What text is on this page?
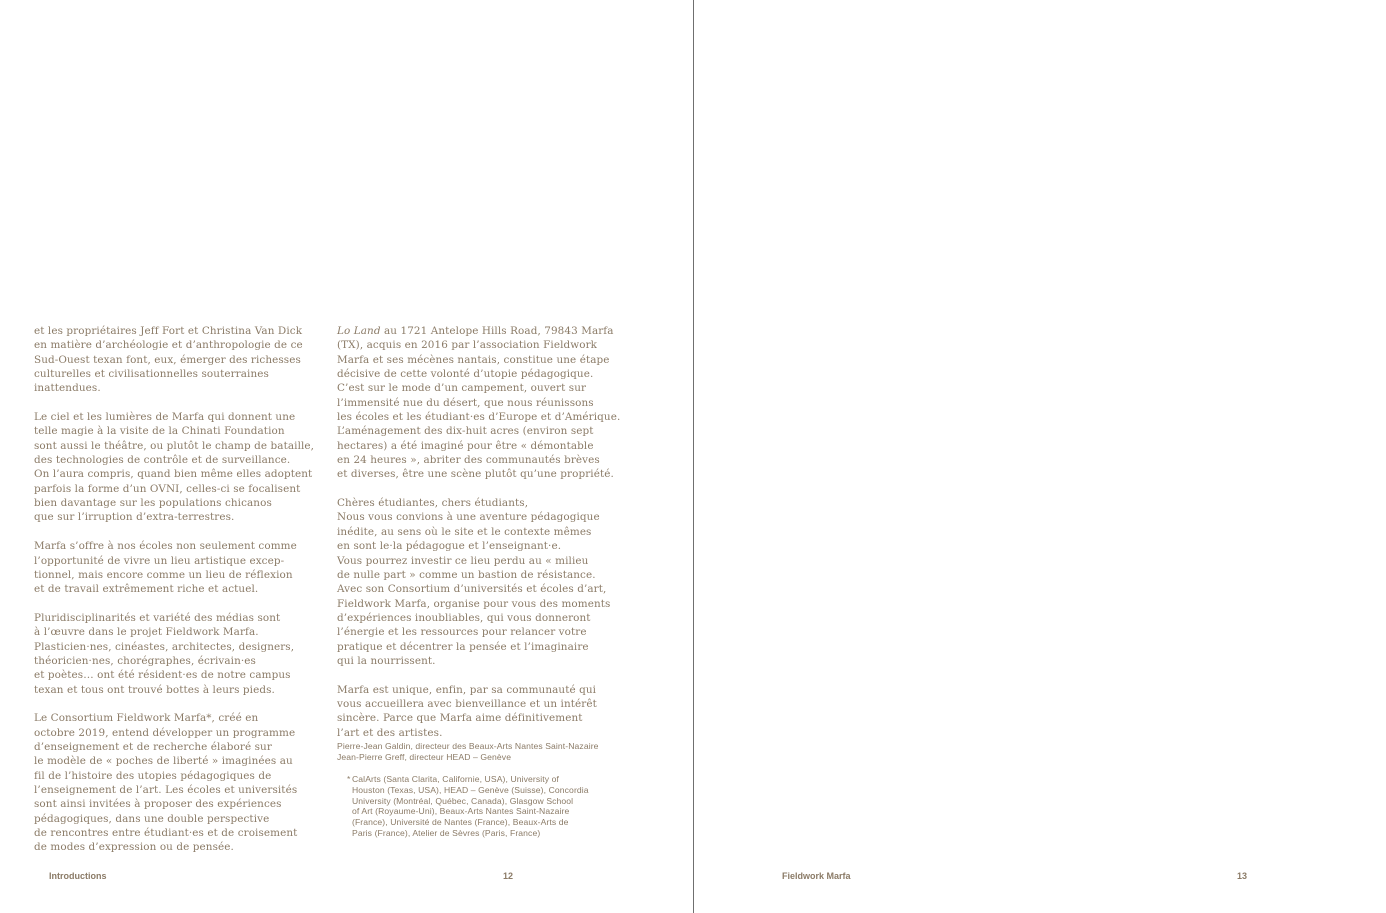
et les propriétaires Jeff Fort et Christina Van Dick
en matière d’archéologie et d’anthropologie de ce
Sud-Ouest texan font, eux, émerger des richesses
culturelles et civilisationnelles souterraines
inattendues.

Le ciel et les lumières de Marfa qui donnent une
telle magie à la visite de la Chinati Foundation
sont aussi le théâtre, ou plutôt le champ de bataille,
des technologies de contrôle et de surveillance.
On l’aura compris, quand bien même elles adoptent
parfois la forme d’un OVNI, celles-ci se focalisent
bien davantage sur les populations chicanos
que sur l’irruption d’extra-terrestres.

Marfa s’offre à nos écoles non seulement comme
l’opportunité de vivre un lieu artistique excep-
tionnel, mais encore comme un lieu de réflexion
et de travail extrêmement riche et actuel.

Pluridisciplinarités et variété des médias sont
à l’œuvre dans le projet Fieldwork Marfa.
Plasticien·nes, cinéastes, architectes, designers,
théoricien·nes, chorégraphes, écrivain·es
et poètes… ont été résident·es de notre campus
texan et tous ont trouvé bottes à leurs pieds.

Le Consortium Fieldwork Marfa*, créé en
octobre 2019, entend développer un programme
d’enseignement et de recherche élaboré sur
le modèle de « poches de liberté » imaginées au
fil de l’histoire des utopies pédagogiques de
l’enseignement de l’art. Les écoles et universités
sont ainsi invitées à proposer des expériences
pédagogiques, dans une double perspective
de rencontres entre étudiant·es et de croisement
de modes d’expression ou de pensée.

Lo Land au 1721 Antelope Hills Road, 79843 Marfa
(TX), acquis en 2016 par l’association Fieldwork
Marfa et ses mécènes nantais, constitue une étape
décisive de cette volonté d’utopie pédagogique.
C’est sur le mode d’un campement, ouvert sur
l’immensité nue du désert, que nous réunissons
les écoles et les étudiant·es d’Europe et d’Amérique.
L’aménagement des dix-huit acres (environ sept
hectares) a été imaginé pour être « démontable
en 24 heures », abriter des communautés brèves
et diverses, être une scène plutôt qu’une propriété.

Chères étudiantes, chers étudiants,
Nous vous convions à une aventure pédagogique
inédite, au sens où le site et le contexte mêmes
en sont le·la pédagogue et l’enseignant·e.
Vous pourrez investir ce lieu perdu au « milieu
de nulle part » comme un bastion de résistance.
Avec son Consortium d’universités et écoles d’art,
Fieldwork Marfa, organise pour vous des moments
d’expériences inoubliables, qui vous donneront
l’énergie et les ressources pour relancer votre
pratique et décentrer la pensée et l’imaginaire
qui la nourrissent.

Marfa est unique, enfin, par sa communauté qui
vous accueillera avec bienveillance et un intérêt
sincère. Parce que Marfa aime définitivement
l’art et des artistes.

Pierre-Jean Galdin, directeur des Beaux-Arts Nantes Saint-Nazaire
Jean-Pierre Greff, directeur HEAD – Genève
* CalArts (Santa Clarita, Californie, USA), University of
Houston (Texas, USA), HEAD – Genève (Suisse), Concordia
University (Montréal, Québec, Canada), Glasgow School
of Art (Royaume-Uni), Beaux-Arts Nantes Saint-Nazaire
(France), Université de Nantes (France), Beaux-Arts de
Paris (France), Atelier de Sèvres (Paris, France)
Introductions	12	Fieldwork Marfa	13
